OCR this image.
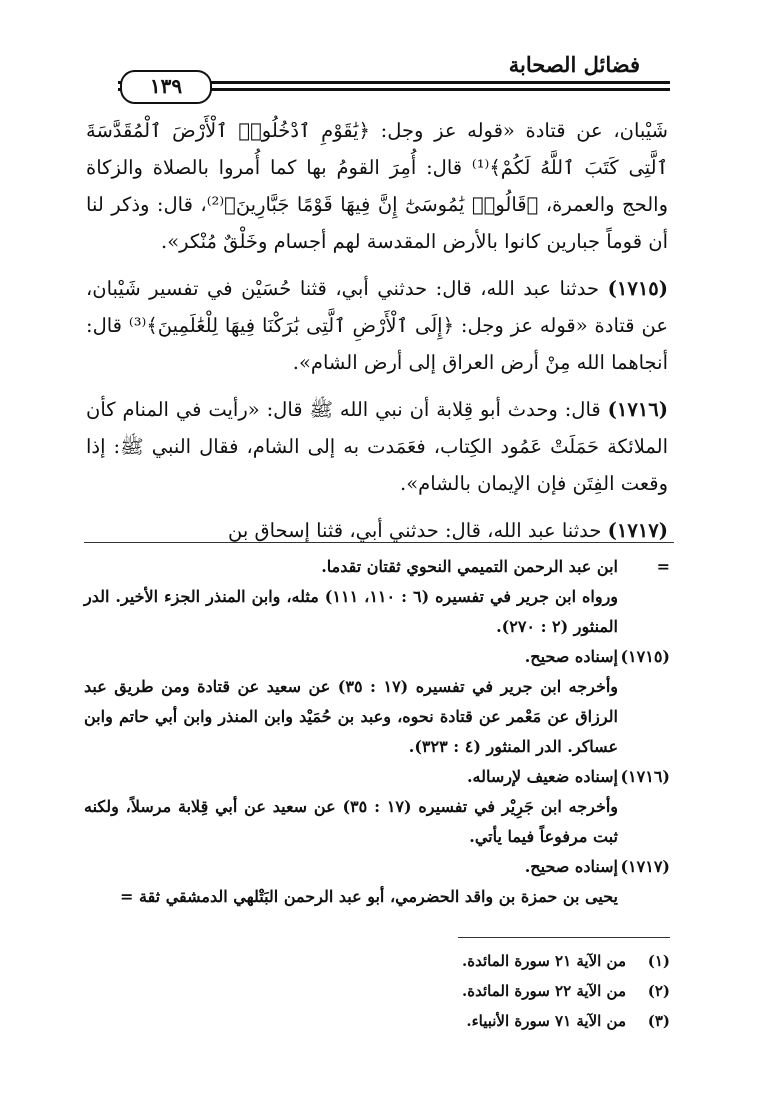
فضائل الصحابة
١٣٩

شَيْبان، عن قتادة «قوله عز وجل: ﴿يَٰقَوْمِ ٱدْخُلُوا۟ ٱلْأَرْضَ ٱلْمُقَدَّسَةَ ٱلَّتِى كَتَبَ ٱللَّهُ لَكُمْ﴾⁽¹⁾ قال: أُمِرَ القومُ بها كما أُمروا بالصلاة والزكاة والحج والعمرة، ﴿قَالُوا۟ يَٰمُوسَىٰٓ إِنَّ فِيهَا قَوْمًا جَبَّارِينَ﴾⁽²⁾، قال: وذكر لنا أن قوماً جبارين كانوا بالأرض المقدسة لهم أجسام وخَلْقٌ مُنْكر».

(١٧١٥) حدثنا عبد الله، قال: حدثني أبي، قثنا حُسَيْن في تفسير شَيْبان، عن قتادة «قوله عز وجل: ﴿إِلَى ٱلْأَرْضِ ٱلَّتِى بَٰرَكْنَا فِيهَا لِلْعَٰلَمِينَ﴾⁽³⁾ قال: أنجاهما الله مِنْ أرض العراق إلى أرض الشام».

(١٧١٦) قال: وحدث أبو قِلابة أن نبي الله ﷺ قال: «رأيت في المنام كأن الملائكة حَمَلَتْ عَمُود الكِتاب، فعَمَدت به إلى الشام، فقال النبي ﷺ: إذا وقعت الفِتَن فإن الإيمان بالشام».

(١٧١٧) حدثنا عبد الله، قال: حدثني أبي، قثنا إسحاق بن

=
ابن عبد الرحمن التميمي النحوي ثقتان تقدما.
ورواه ابن جرير في تفسيره (٦ : ١١٠، ١١١) مثله، وابن المنذر الجزء الأخير. الدر المنثور (٢ : ٢٧٠).
(١٧١٥)
إسناده صحيح.
وأخرجه ابن جرير في تفسيره (١٧ : ٣٥) عن سعيد عن قتادة ومن طريق عبد الرزاق عن مَعْمر عن قتادة نحوه، وعبد بن حُمَيْد وابن المنذر وابن أبي حاتم وابن عساكر. الدر المنثور (٤ : ٣٢٣).
(١٧١٦)
إسناده ضعيف لإرساله.
وأخرجه ابن جَرِيْر في تفسيره (١٧ : ٣٥) عن سعيد عن أبي قِلابة مرسلاً، ولكنه ثبت مرفوعاً فيما يأتي.
(١٧١٧)
إسناده صحيح.
يحيى بن حمزة بن واقد الحضرمي، أبو عبد الرحمن البَتْلهي الدمشقي ثقة =
(١)
من الآية ٢١ سورة المائدة.
(٢)
من الآية ٢٢ سورة المائدة.
(٣)
من الآية ٧١ سورة الأنبياء.
